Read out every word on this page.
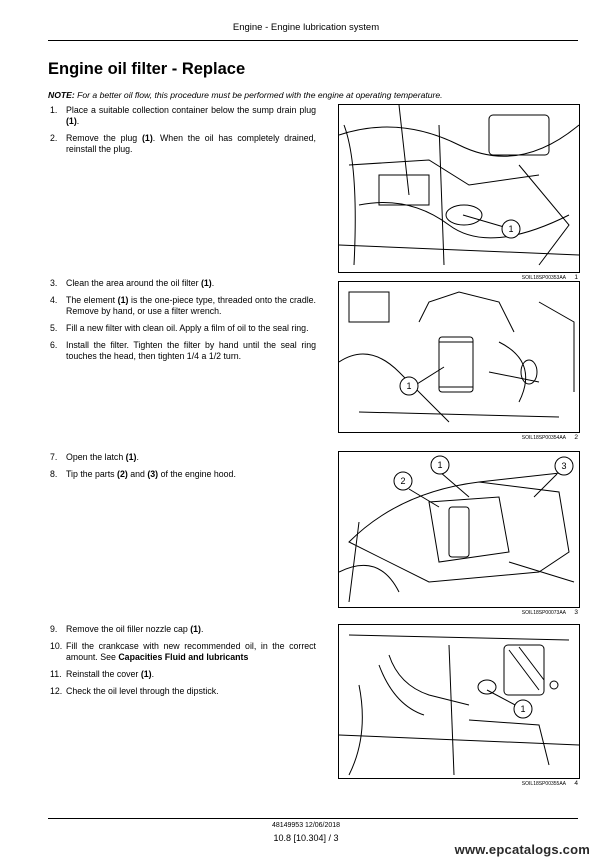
Engine - Engine lubrication system
Engine oil filter - Replace
NOTE: For a better oil flow, this procedure must be performed with the engine at operating temperature.
1. Place a suitable collection container below the sump drain plug (1).
2. Remove the plug (1). When the oil has completely drained, reinstall the plug.
3. Clean the area around the oil filter (1).
4. The element (1) is the one-piece type, threaded onto the cradle. Remove by hand, or use a filter wrench.
5. Fill a new filter with clean oil. Apply a film of oil to the seal ring.
6. Install the filter. Tighten the filter by hand until the seal ring touches the head, then tighten 1/4 a 1/2 turn.
7. Open the latch (1).
8. Tip the parts (2) and (3) of the engine hood.
9. Remove the oil filler nozzle cap (1).
10. Fill the crankcase with new recommended oil, in the correct amount. See Capacities Fluid and lubricants
11. Reinstall the cover (1).
12. Check the oil level through the dipstick.
1
SOIL18SP00353AA 1
1
SOIL18SP00354AA 2
2
1	3
SOIL18SP00073AA 3
1
SOIL18SP00355AA 4
48149953 12/06/2018
10.8 [10.304] / 3
www.epcatalogs.com
